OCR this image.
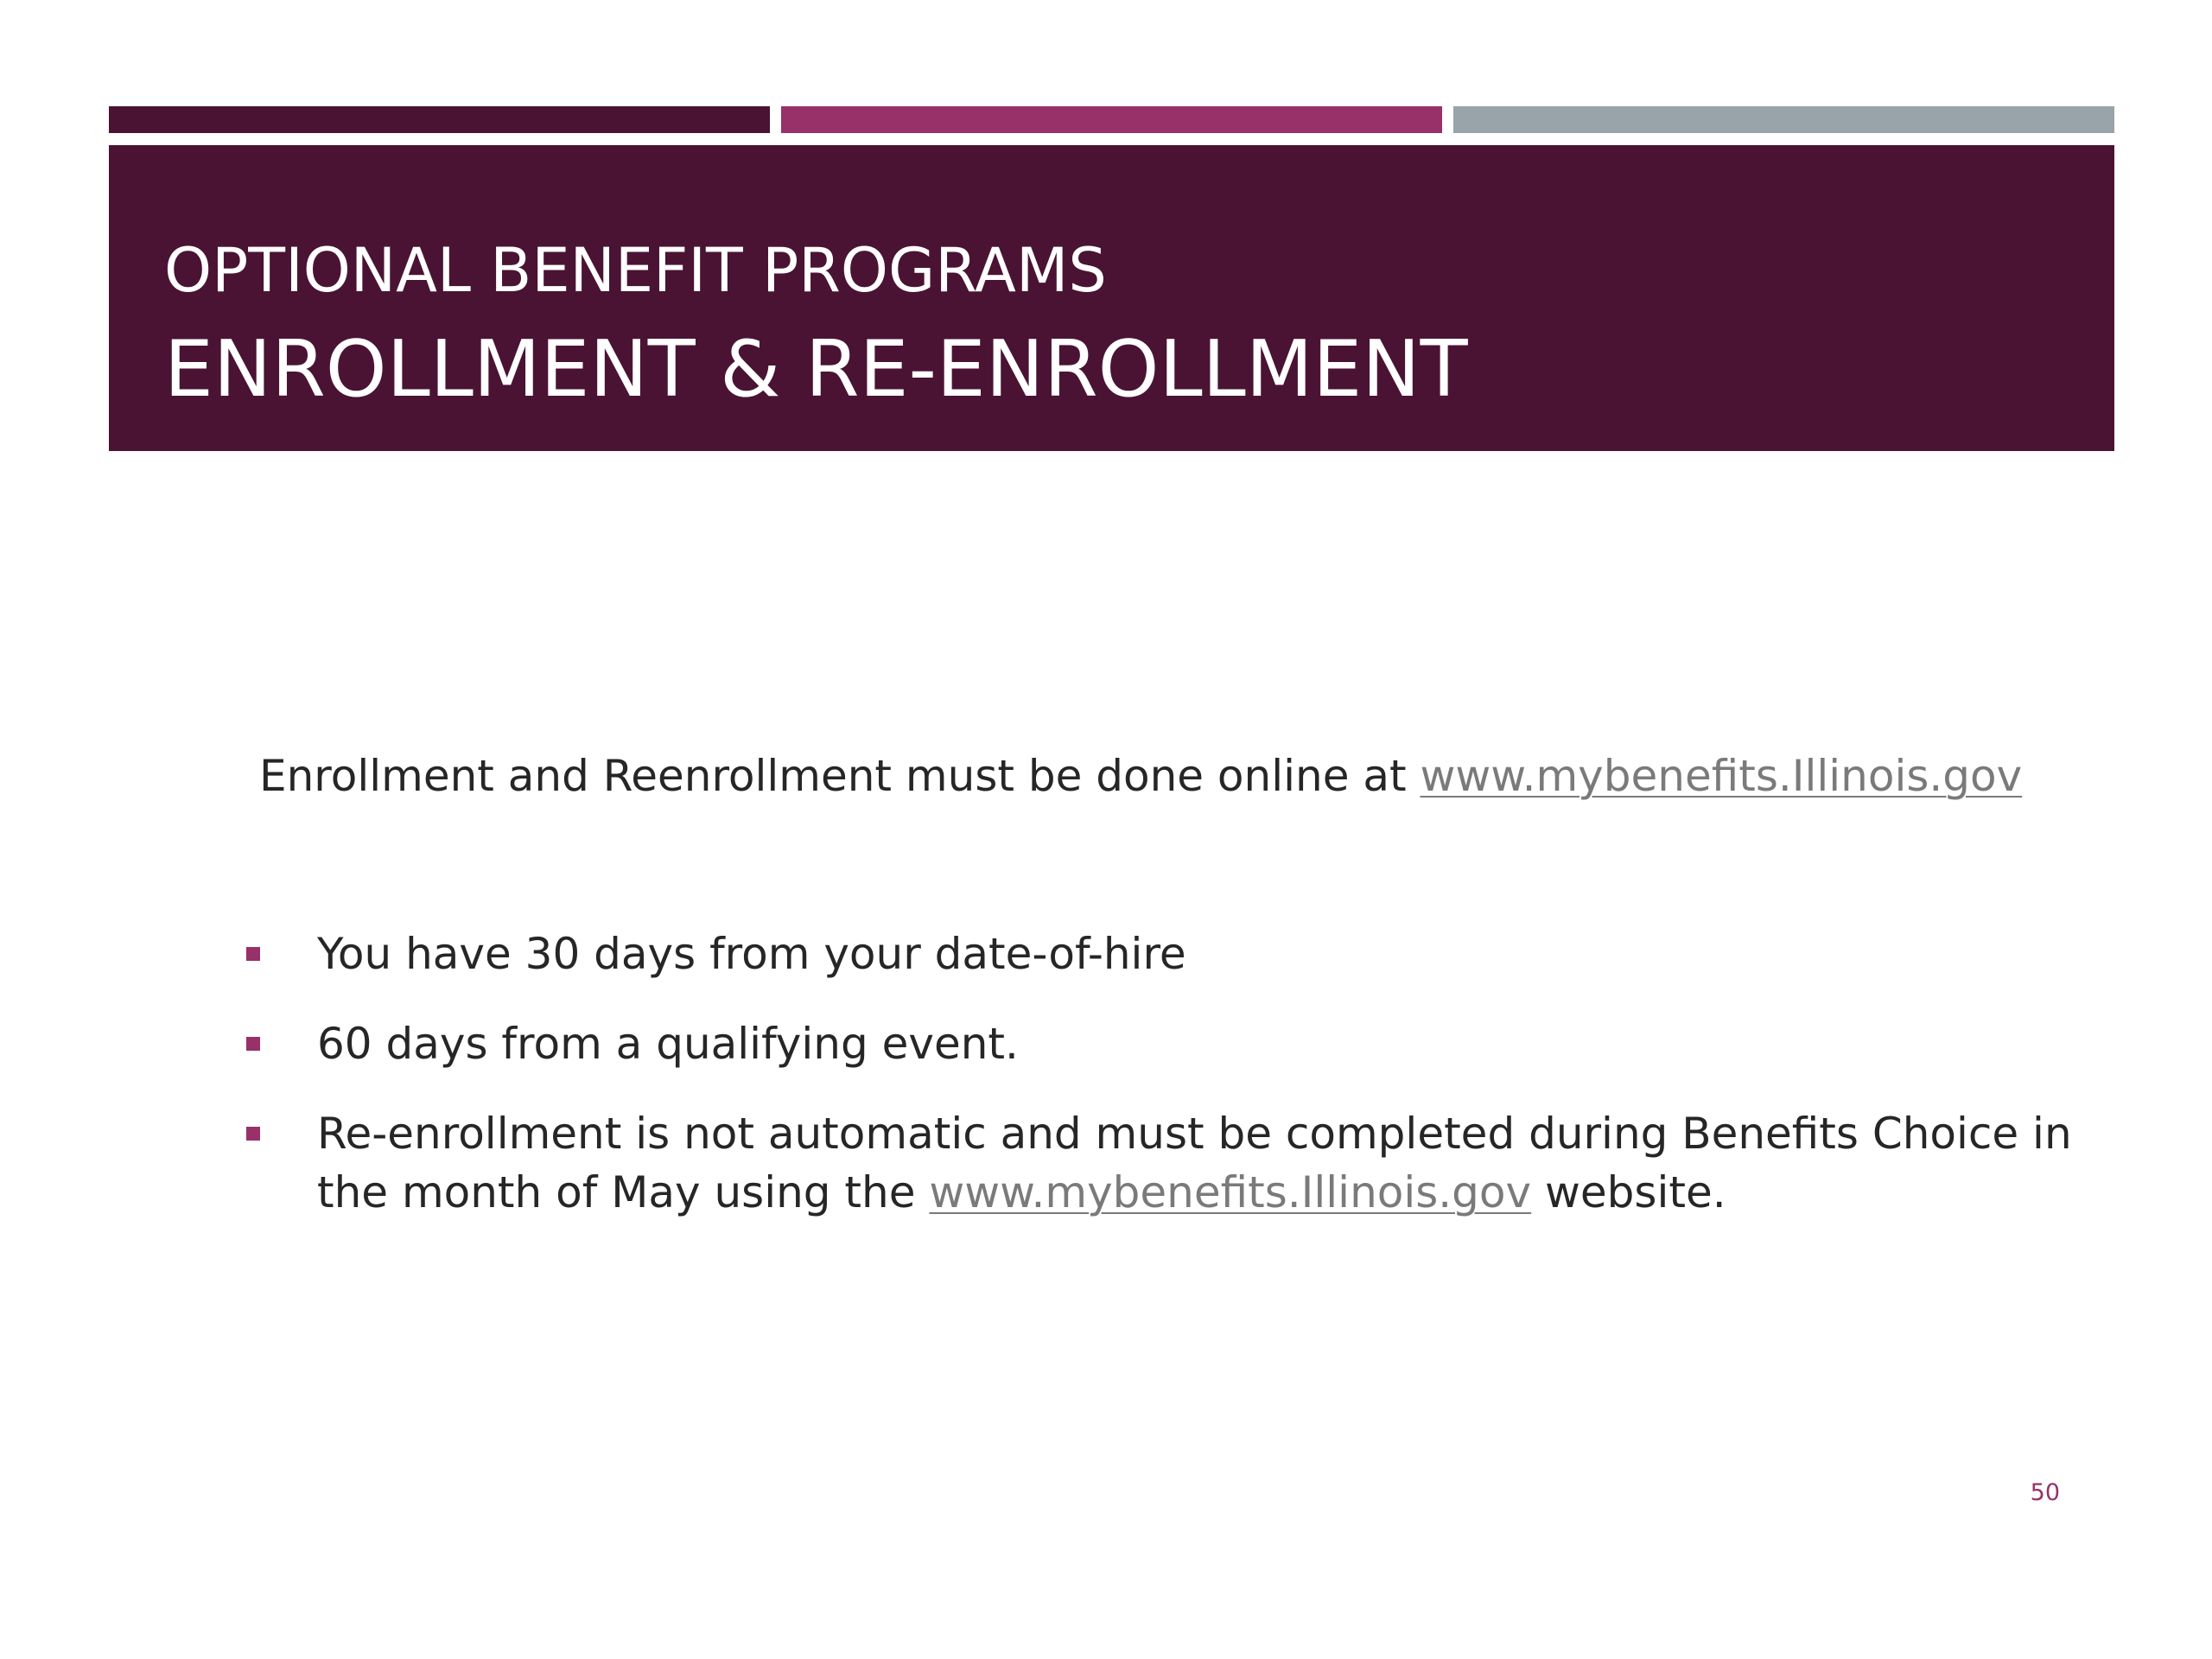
OPTIONAL BENEFIT PROGRAMS
ENROLLMENT & RE-ENROLLMENT
Enrollment and Reenrollment must be done online at www.mybenefits.Illinois.gov
You have 30 days from your date-of-hire
60 days from a qualifying event.
Re-enrollment is not automatic and must be completed during Benefits Choice in the month of May using the www.mybenefits.Illinois.gov website.
50
